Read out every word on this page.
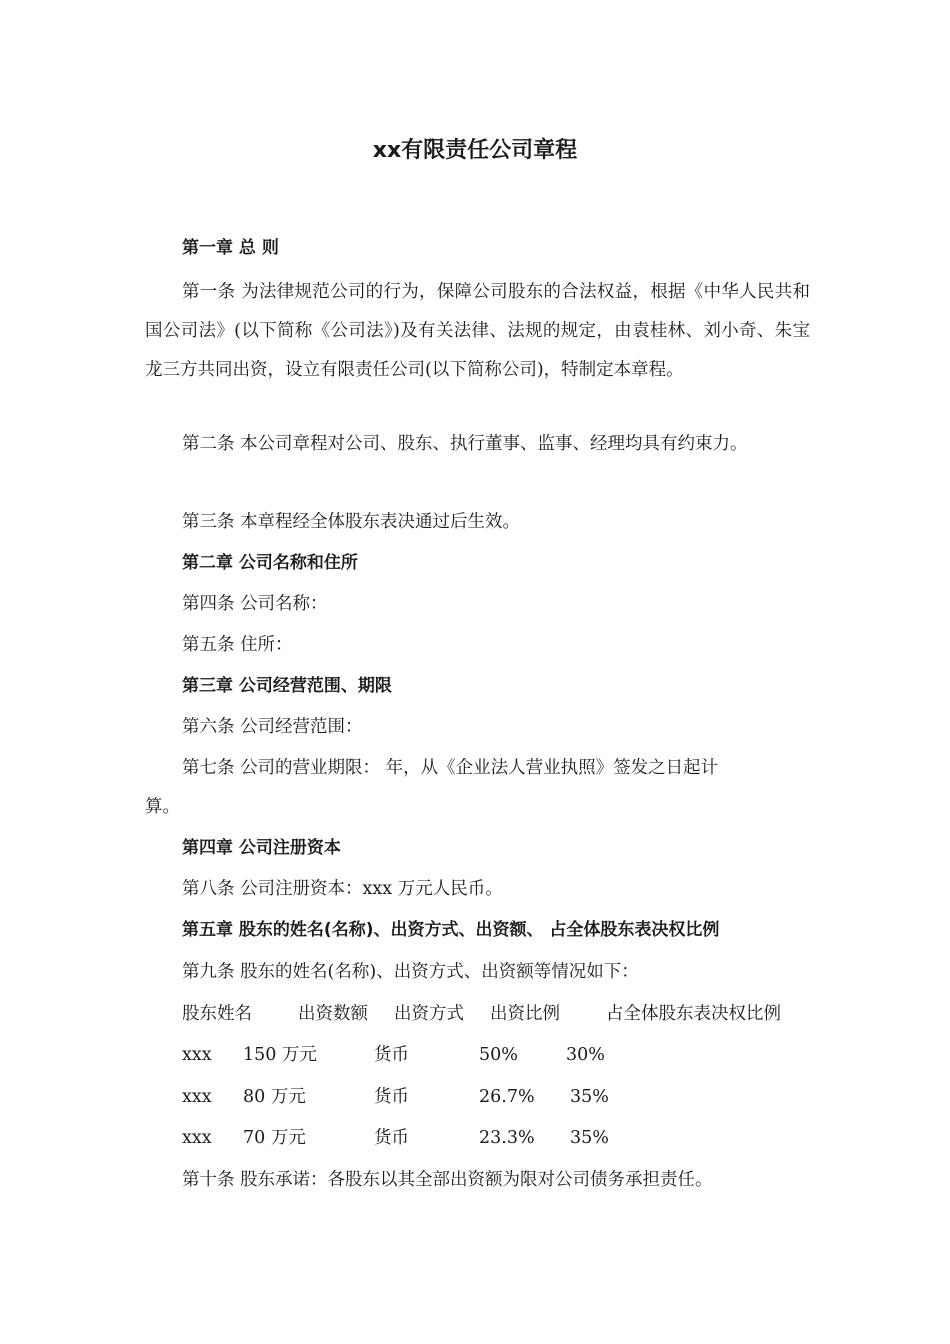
xx有限责任公司章程
第一章 总 则
第一条 为法律规范公司的行为，保障公司股东的合法权益，根据《中华人民共和国公司法》(以下简称《公司法》)及有关法律、法规的规定，由袁桂林、刘小奇、朱宝龙三方共同出资，设立有限责任公司(以下简称公司)，特制定本章程。
第二条 本公司章程对公司、股东、执行董事、监事、经理均具有约束力。
第三条 本章程经全体股东表决通过后生效。
第二章 公司名称和住所
第四条 公司名称：
第五条 住所：
第三章 公司经营范围、期限
第六条 公司经营范围：
第七条 公司的营业期限： 年，从《企业法人营业执照》签发之日起计
算。
第四章 公司注册资本
第八条 公司注册资本：xxx 万元人民币。
第五章 股东的姓名(名称)、出资方式、出资额、 占全体股东表决权比例
第九条 股东的姓名(名称)、出资方式、出资额等情况如下：
股东姓名	出资数额 出资方式 出资比例	占全体股东表决权比例
xxx 150 万元	货币	50%	30%
xxx 80 万元	货币	26.7% 35%
xxx 70 万元	货币	23.3% 35%
第十条 股东承诺：各股东以其全部出资额为限对公司债务承担责任。
